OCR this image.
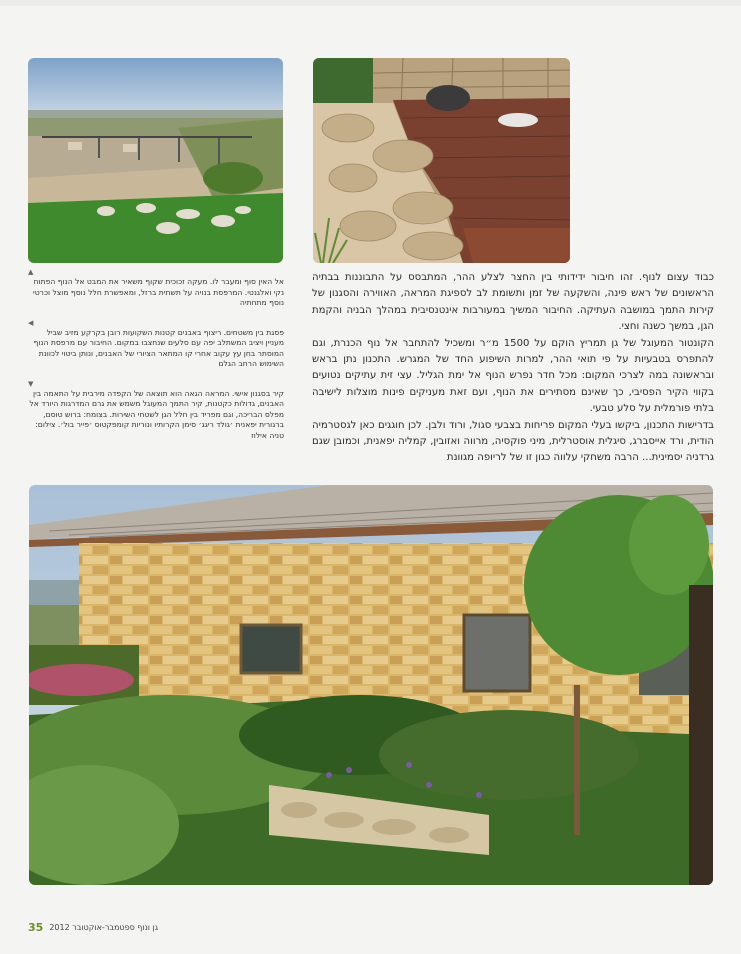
▲
אל האין סוף ומעבר לו. מעקה זכוכית שקוף משאיר את המבט אל הנוף הפתוח נקי ואלגנטי. המרפסת בנויה על תשתית ברזל, ומאפשרת חלל נוסף מוצל וכרטי נוסף מתחתיה
◀
פסגת בין משטחים. ריצוף באבנים קטנות השקועות רובן בקרקע מזיב שביל מעניין ויציב המשתלב יפה עם סלעים שנחצבו במקום. החיבור עם מרפסת הנוף המוסתר בחן עץ עקוב אחרי קו המתאר הציורי של האבנים, ונותן ביטוי לכוונת השימוש הרחב הגלם
▼
קיר בסגנון אישי. המראה הגאה הוא תוצאה של הקפדה מירבית על התאמה בין האבנים, גדולות כקטנות, קיר התמך המעוגל משמש את גרם המדרגות היורד אל מפלס הבריכה, וגם מפריד בין חלל הגן לשטחי השירות. בצומח: ברוש טוסם, ברגורית יפאנית ׳גולד ריגג׳ סימן הקרותיו ונוריות קומפקטוס ׳פייר בול׳. צילום: טניה אילוז

כבוד עצום לנוף. זהו חיבור ידידותי בין החצר לצלע ההר, המתבסס על התבוננות בבתיה הראשונים של ראש פינה, והשקעה של זמן ותשומת לב לספיגת המראה, האווירה והסגנון של קירות התמך במושבה העתיקה. החיבור המשיך במעורבות אינטנסיבית במהלך הבניה והקמת הגן, במשך כשנה וחצי.

הקונטור המעוגל של גן תמריץ הוקם על 1500 מ״ר ומשכיל להתחבר אל נוף הכנרת, וגם להתפרס בטבעיות על פי תואי ההר, למרות השיפוע החד של המגרש. התכנון נתן בראש ובראשונה במה לצרכי המקום: מכל חדר נפרש הנוף אל ימת הגליל. עצי זית עתיקים נטועים בקווי הקיר הפסיבי, כך שאינם מסתירים את הנוף, ועם זאת מעניקים פינות מוצלות לישיבה בלתי פורמלית על סלע טבעי.

בדרישות התכנון, ביקשו בעלי המקום פריחות בצבעי סגול, ורוד ולבן. לכן חוגגים כאן לגסטרמיה הודית, ורד אייסברג, סיגלית אוסטרלית, מיני פוקסיה, מרווה ואזובין, קמליה יפאנית, וכמובן שגם גרדניה יסמינית... הרבה משחקי עלווה כגון זו של לריופה מגוונת

35 גן ונוף ספטמבר-אוקטובר 2012
